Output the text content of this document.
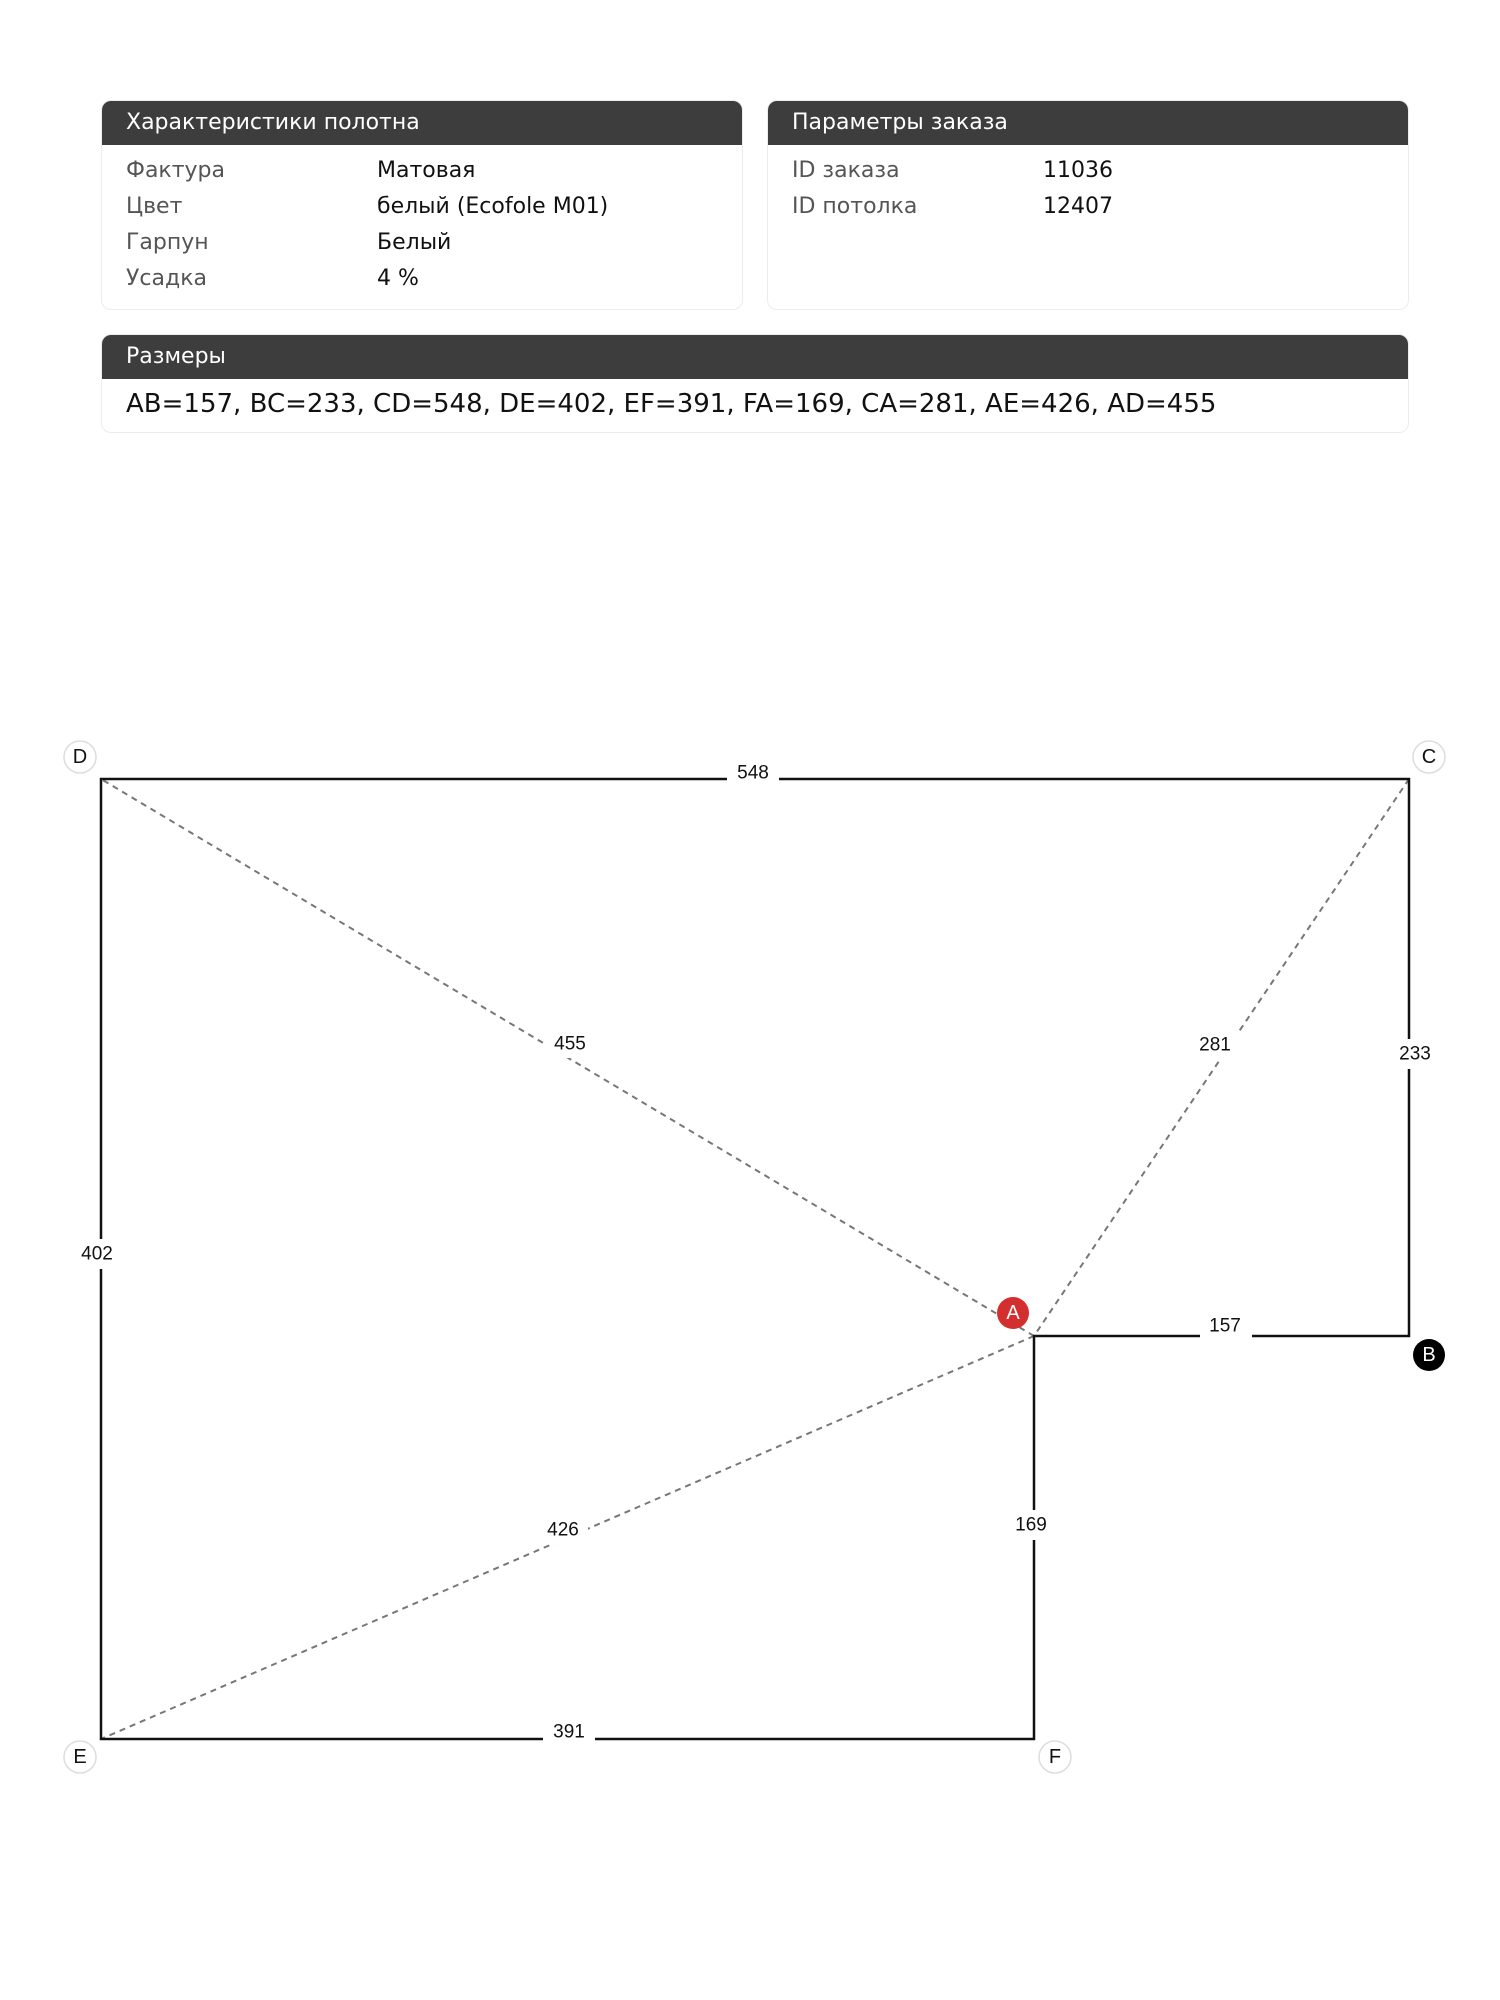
Характеристики полотна
Фактура	Матовая
Цвет	белый (Ecofole M01)
Гарпун	Белый
Усадка	4 %
Параметры заказа
ID заказа	11036
ID потолка	12407
Размеры
AB=157, BC=233, CD=548, DE=402, EF=391, FA=169, CA=281, AE=426, AD=455
548
233
402
157
169
391
455	281
426
D	C
A
B
E	F
